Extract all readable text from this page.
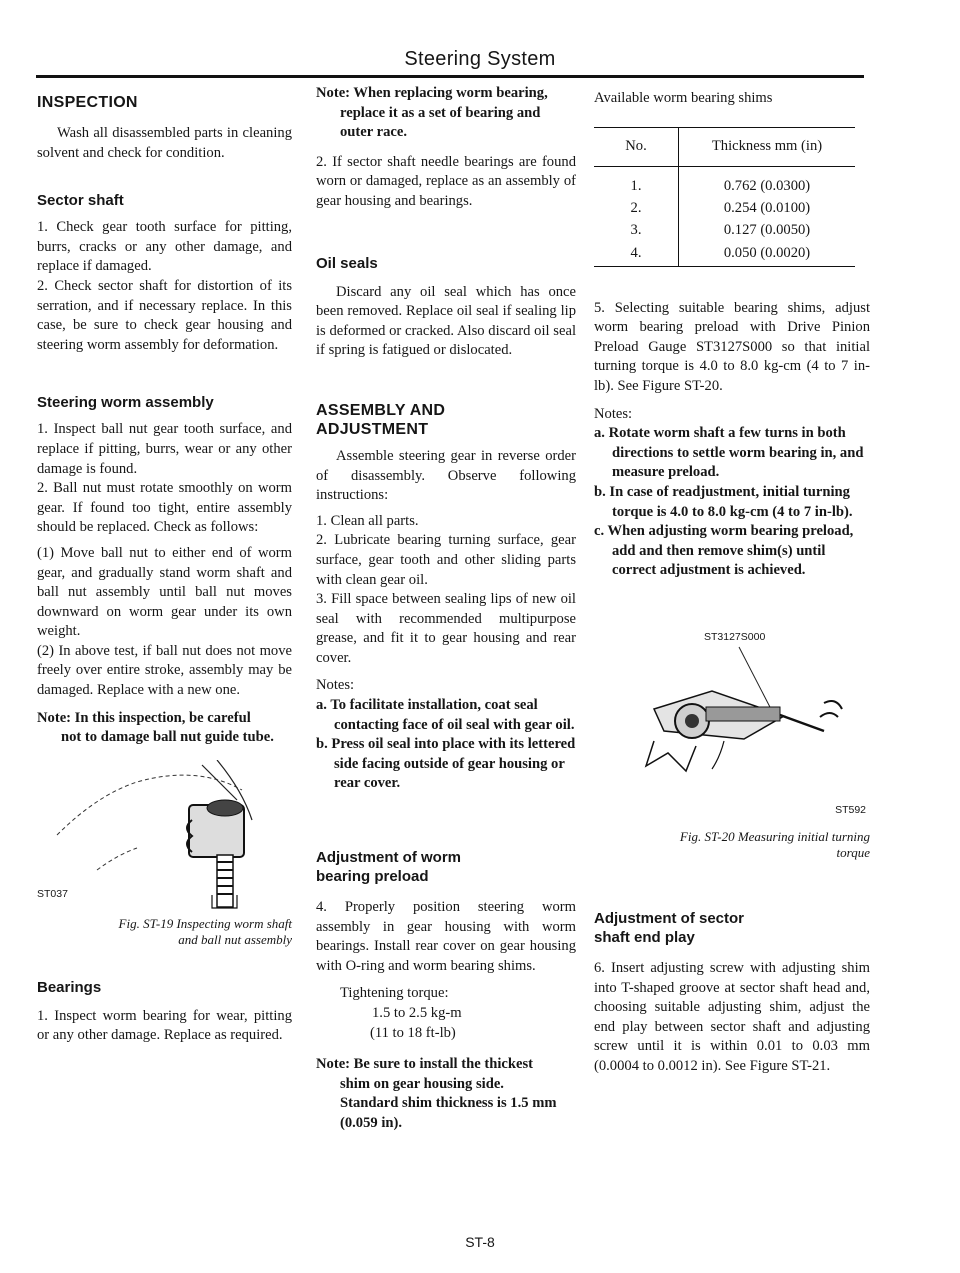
Steering System
INSPECTION

Wash all disassembled parts in cleaning solvent and check for condition.

Sector shaft

1. Check gear tooth surface for pitting, burrs, cracks or any other damage, and replace if damaged.

2. Check sector shaft for distortion of its serration, and if necessary replace. In this case, be sure to check gear housing and steering worm assembly for deformation.

Steering worm assembly

1. Inspect ball nut gear tooth surface, and replace if pitting, burrs, wear or any other damage is found.

2. Ball nut must rotate smoothly on worm gear. If found too tight, entire assembly should be replaced. Check as follows:

(1) Move ball nut to either end of worm gear, and gradually stand worm shaft and ball nut assembly until ball nut moves downward on worm gear under its own weight.

(2) In above test, if ball nut does not move freely over entire stroke, assembly may be damaged. Replace with a new one.

Note: In this inspection, be careful

not to damage ball nut guide tube.

ST037

Fig. ST-19 Inspecting worm shaft

and ball nut assembly

Bearings

1. Inspect worm bearing for wear, pitting or any other damage. Replace as required.

Note: When replacing worm bearing,

replace it as a set of bearing and outer race.

2. If sector shaft needle bearings are found worn or damaged, replace as an assembly of gear housing and bearings.

Oil seals

Discard any oil seal which has once been removed. Replace oil seal if sealing lip is deformed or cracked. Also discard oil seal if spring is fatigued or dislocated.

ASSEMBLY AND
ADJUSTMENT

Assemble steering gear in reverse order of disassembly. Observe following instructions:

1. Clean all parts.

2. Lubricate bearing turning surface, gear surface, gear tooth and other sliding parts with clean gear oil.

3. Fill space between sealing lips of new oil seal with recommended multipurpose grease, and fit it to gear housing and rear cover.

Notes:

a. To facilitate installation, coat seal contacting face of oil seal with gear oil.

b. Press oil seal into place with its lettered side facing outside of gear housing or rear cover.

Adjustment of worm
bearing preload

4. Properly position steering worm assembly in gear housing with worm bearings. Install rear cover on gear housing with O-ring and worm bearing shims.

Tightening torque:

1.5 to 2.5 kg-m

(11 to 18 ft-lb)

Note: Be sure to install the thickest

shim on gear housing side.

Standard shim thickness is 1.5 mm (0.059 in).

Available worm bearing shims

No.	Thickness mm (in)

1.	0.762 (0.0300)
2.	0.254 (0.0100)
3.	0.127 (0.0050)
4.	0.050 (0.0020)

5. Selecting suitable bearing shims, adjust worm bearing preload with Drive Pinion Preload Gauge ST3127S000 so that initial turning torque is 4.0 to 8.0 kg-cm (4 to 7 in-lb). See Figure ST-20.

Notes:

a. Rotate worm shaft a few turns in both directions to settle worm bearing in, and measure preload.

b. In case of readjustment, initial turning torque is 4.0 to 8.0 kg-cm (4 to 7 in-lb).

c. When adjusting worm bearing preload, add and then remove shim(s) until correct adjustment is achieved.

ST3127S000
ST592

Fig. ST-20 Measuring initial turning

torque

Adjustment of sector
shaft end play

6. Insert adjusting screw with adjusting shim into T-shaped groove at sector shaft head and, choosing suitable adjusting shim, adjust the end play between sector shaft and adjusting screw until it is within 0.01 to 0.03 mm (0.0004 to 0.0012 in). See Figure ST-21.

ST-8
